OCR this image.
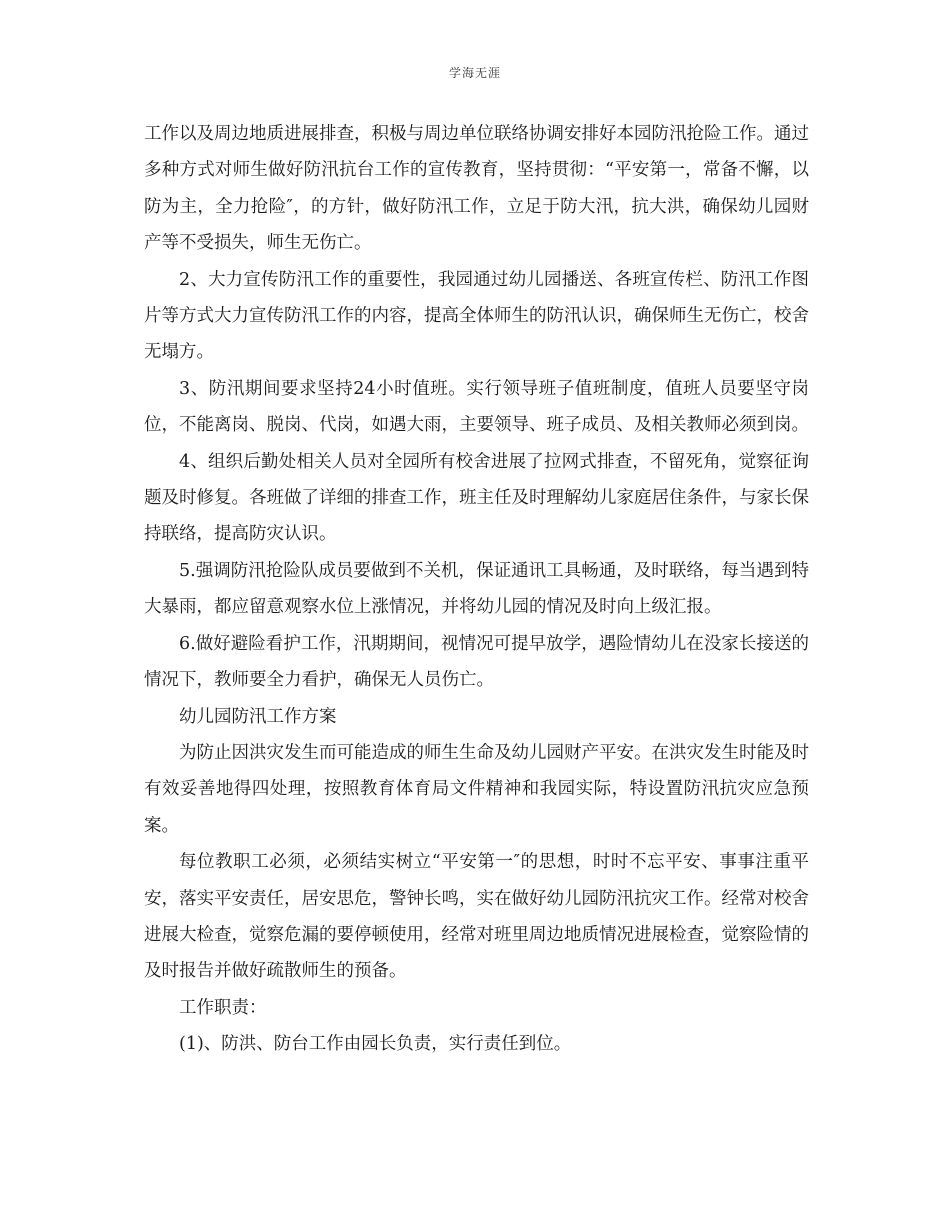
学海无涯

工作以及周边地质进展排查，积极与周边单位联络协调安排好本园防汛抢险工作。通过多种方式对师生做好防汛抗台工作的宣传教育，坚持贯彻：“平安第一，常备不懈，以防为主，全力抢险″，的方针，做好防汛工作，立足于防大汛，抗大洪，确保幼儿园财产等不受损失，师生无伤亡。

2、大力宣传防汛工作的重要性，我园通过幼儿园播送、各班宣传栏、防汛工作图片等方式大力宣传防汛工作的内容，提高全体师生的防汛认识，确保师生无伤亡，校舍无塌方。

3、防汛期间要求坚持24小时值班。实行领导班子值班制度，值班人员要坚守岗位，不能离岗、脱岗、代岗，如遇大雨，主要领导、班子成员、及相关教师必须到岗。

4、组织后勤处相关人员对全园所有校舍进展了拉网式排查，不留死角，觉察征询题及时修复。各班做了详细的排查工作，班主任及时理解幼儿家庭居住条件，与家长保持联络，提高防灾认识。

5.强调防汛抢险队成员要做到不关机，保证通讯工具畅通，及时联络，每当遇到特大暴雨，都应留意观察水位上涨情况，并将幼儿园的情况及时向上级汇报。

6.做好避险看护工作，汛期期间，视情况可提早放学，遇险情幼儿在没家长接送的情况下，教师要全力看护，确保无人员伤亡。

幼儿园防汛工作方案

为防止因洪灾发生而可能造成的师生生命及幼儿园财产平安。在洪灾发生时能及时有效妥善地得四处理，按照教育体育局文件精神和我园实际，特设置防汛抗灾应急预案。

每位教职工必须，必须结实树立“平安第一″的思想，时时不忘平安、事事注重平安，落实平安责任，居安思危，警钟长鸣，实在做好幼儿园防汛抗灾工作。经常对校舍进展大检查，觉察危漏的要停顿使用，经常对班里周边地质情况进展检查，觉察险情的及时报告并做好疏散师生的预备。

工作职责：

(1)、防洪、防台工作由园长负责，实行责任到位。
